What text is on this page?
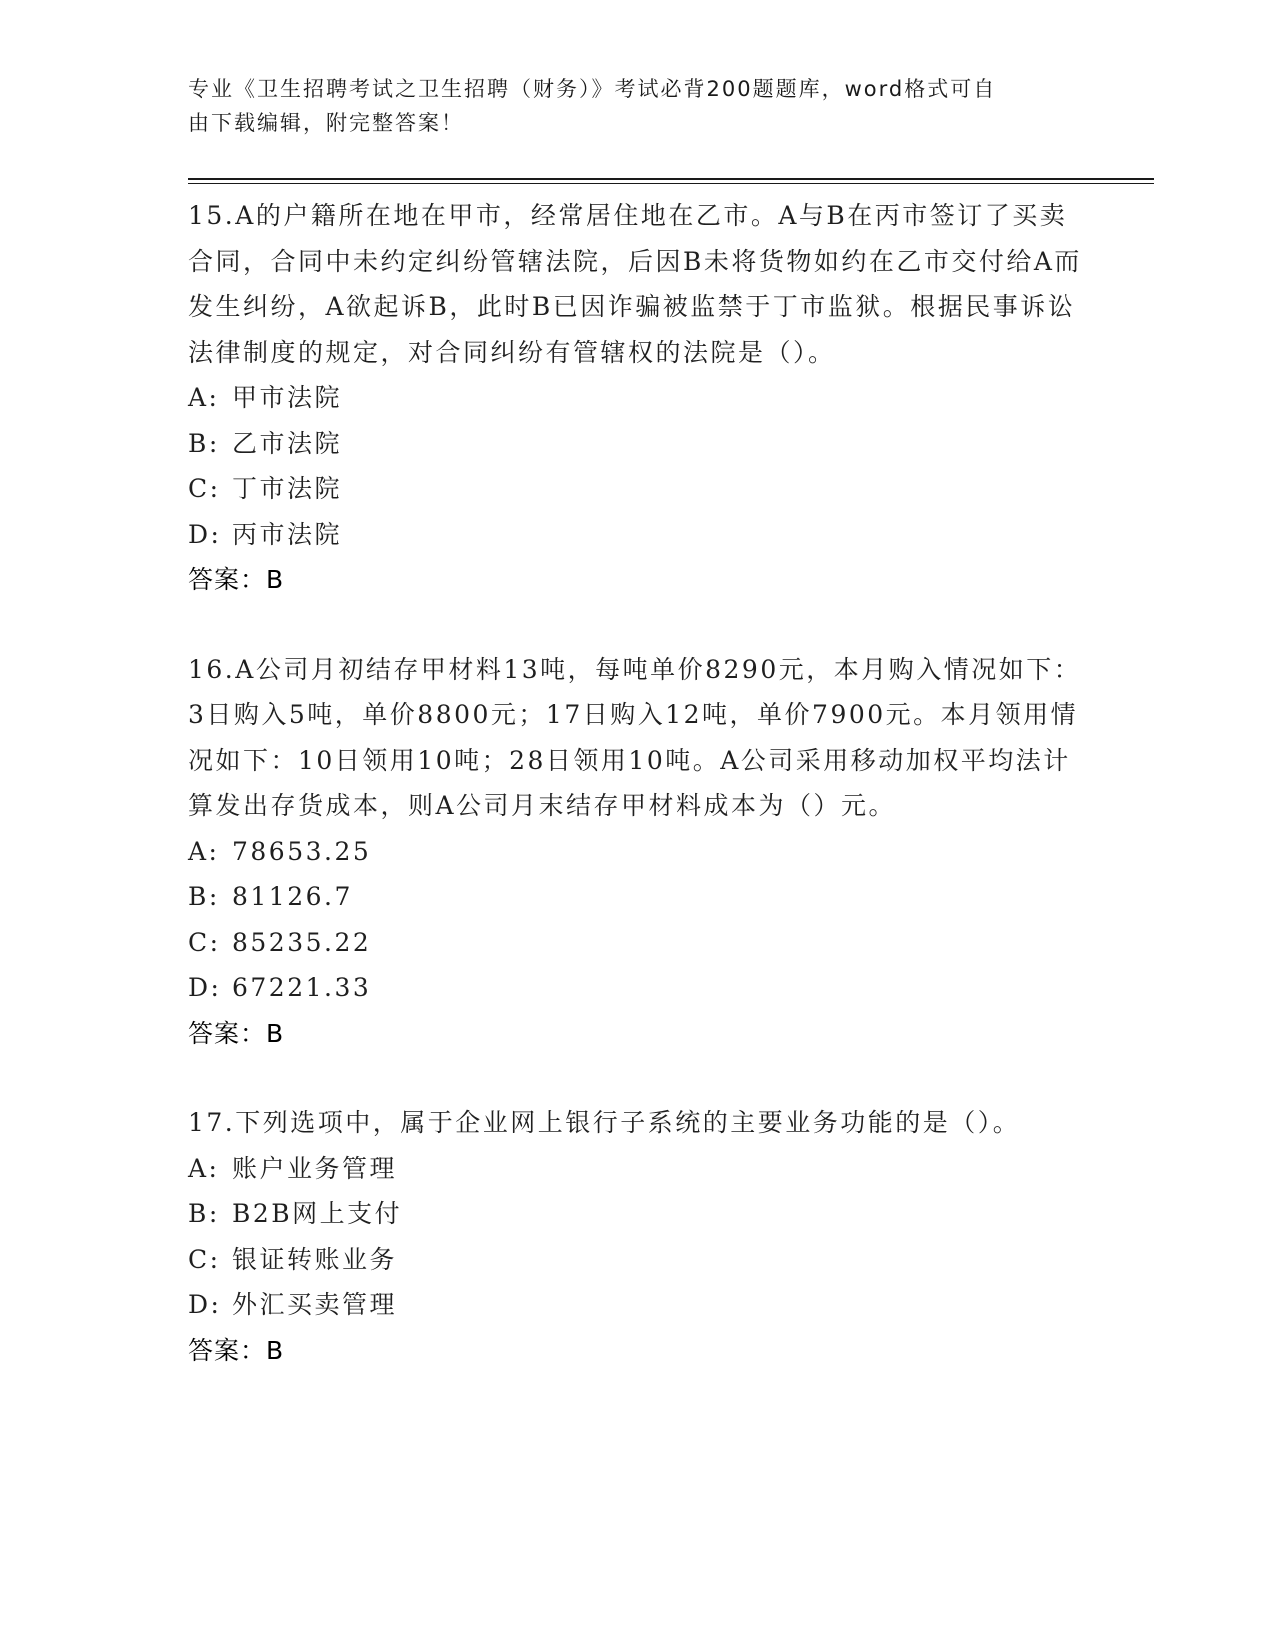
专业《卫生招聘考试之卫生招聘（财务）》考试必背200题题库，word格式可自
由下载编辑，附完整答案！
15.A的户籍所在地在甲市，经常居住地在乙市。A与B在丙市签订了买卖合同，合同中未约定纠纷管辖法院，后因B未将货物如约在乙市交付给A而发生纠纷，A欲起诉B，此时B已因诈骗被监禁于丁市监狱。根据民事诉讼法律制度的规定，对合同纠纷有管辖权的法院是（）。
A: 甲市法院
B: 乙市法院
C: 丁市法院
D: 丙市法院
答案：B
16.A公司月初结存甲材料13吨，每吨单价8290元，本月购入情况如下：3日购入5吨，单价8800元；17日购入12吨，单价7900元。本月领用情况如下：10日领用10吨；28日领用10吨。A公司采用移动加权平均法计算发出存货成本，则A公司月末结存甲材料成本为（）元。
A: 78653.25
B: 81126.7
C: 85235.22
D: 67221.33
答案：B
17.下列选项中，属于企业网上银行子系统的主要业务功能的是（）。
A: 账户业务管理
B: B2B网上支付
C: 银证转账业务
D: 外汇买卖管理
答案：B
